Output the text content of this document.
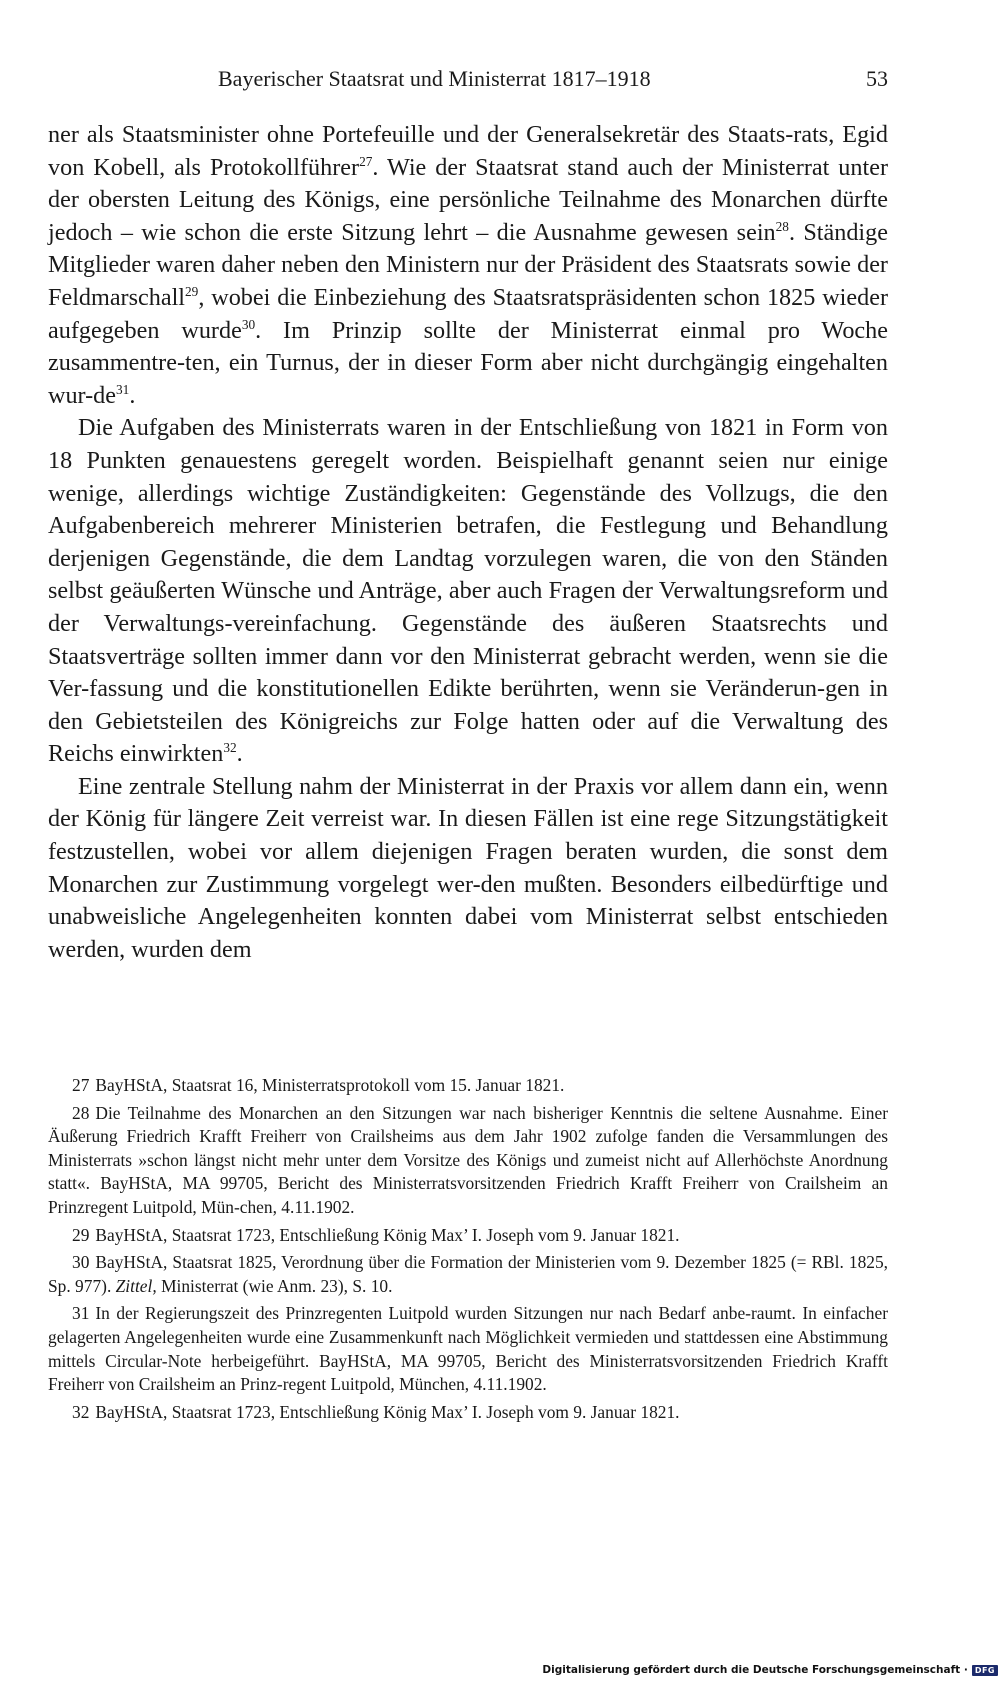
Bayerischer Staatsrat und Ministerrat 1817–1918	53

ner als Staatsminister ohne Portefeuille und der Generalsekretär des Staats-rats, Egid von Kobell, als Protokollführer$^{27}$. Wie der Staatsrat stand auch der Ministerrat unter der obersten Leitung des Königs, eine persönliche Teilnahme des Monarchen dürfte jedoch – wie schon die erste Sitzung lehrt – die Ausnahme gewesen sein$^{28}$. Ständige Mitglieder waren daher neben den Ministern nur der Präsident des Staatsrats sowie der Feldmarschall$^{29}$, wobei die Einbeziehung des Staatsratspräsidenten schon 1825 wieder aufgegeben wurde$^{30}$. Im Prinzip sollte der Ministerrat einmal pro Woche zusammentre-ten, ein Turnus, der in dieser Form aber nicht durchgängig eingehalten wur-$de^{31}$.

Die Aufgaben des Ministerrats waren in der Entschließung von 1821 in Form von 18 Punkten genauestens geregelt worden. Beispielhaft genannt seien nur einige wenige, allerdings wichtige Zuständigkeiten: Gegenstände des Vollzugs, die den Aufgabenbereich mehrerer Ministerien betrafen, die Festlegung und Behandlung derjenigen Gegenstände, die dem Landtag vorzulegen waren, die von den Ständen selbst geäußerten Wünsche und Anträge, aber auch Fragen der Verwaltungsreform und der Verwaltungs-vereinfachung. Gegenstände des äußeren Staatsrechts und Staatsverträge sollten immer dann vor den Ministerrat gebracht werden, wenn sie die Ver-fassung und die konstitutionellen Edikte berührten, wenn sie Veränderun-gen in den Gebietsteilen des Königreichs zur Folge hatten oder auf die Verwaltung des Reichs einwirkten$^{32}$.

Eine zentrale Stellung nahm der Ministerrat in der Praxis vor allem dann ein, wenn der König für längere Zeit verreist war. In diesen Fällen ist eine rege Sitzungstätigkeit festzustellen, wobei vor allem diejenigen Fragen beraten wurden, die sonst dem Monarchen zur Zustimmung vorgelegt wer-den mußten. Besonders eilbedürftige und unabweisliche Angelegenheiten konnten dabei vom Ministerrat selbst entschieden werden, wurden dem

27 BayHStA, Staatsrat 16, Ministerratsprotokoll vom 15. Januar 1821.

28 Die Teilnahme des Monarchen an den Sitzungen war nach bisheriger Kenntnis die seltene Ausnahme. Einer Äußerung Friedrich Krafft Freiherr von Crailsheims aus dem Jahr 1902 zufolge fanden die Versammlungen des Ministerrats »schon längst nicht mehr unter dem Vorsitze des Königs und zumeist nicht auf Allerhöchste Anordnung statt«. BayHStA, MA 99705, Bericht des Ministerratsvorsitzenden Friedrich Krafft Freiherr von Crailsheim an Prinzregent Luitpold, Mün-chen, 4.11.1902.

29 BayHStA, Staatsrat 1723, Entschließung König Max’ I. Joseph vom 9. Januar 1821.

30 BayHStA, Staatsrat 1825, Verordnung über die Formation der Ministerien vom 9. Dezember 1825 (= RBl. 1825, Sp. 977). Zittel, Ministerrat (wie Anm. 23), S. 10.

31 In der Regierungszeit des Prinzregenten Luitpold wurden Sitzungen nur nach Bedarf anbe-raumt. In einfacher gelagerten Angelegenheiten wurde eine Zusammenkunft nach Möglichkeit vermieden und stattdessen eine Abstimmung mittels Circular-Note herbeigeführt. BayHStA, MA 99705, Bericht des Ministerratsvorsitzenden Friedrich Krafft Freiherr von Crailsheim an Prinz-regent Luitpold, München, 4.11.1902.

32 BayHStA, Staatsrat 1723, Entschließung König Max’ I. Joseph vom 9. Januar 1821.

Digitalisierung gefördert durch die Deutsche Forschungsgemeinschaft · DFG
